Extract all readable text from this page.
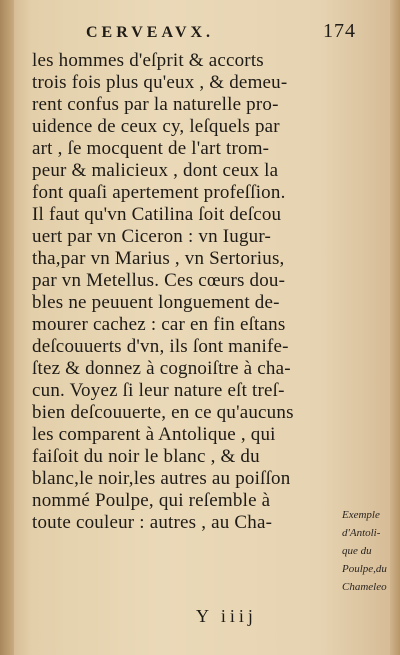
CERVEAVX.	174
les hommes d'eſprit & accorts
trois fois plus qu'eux , & demeu-
rent confus par la naturelle pro-
uidence de ceux cy, leſquels par
art , ſe mocquent de l'art trom-
peur & malicieux , dont ceux la
font quaſi apertement profeſſion.
Il faut qu'vn Catilina ſoit deſcou
uert par vn Ciceron : vn Iugur-
tha,par vn Marius , vn Sertorius,
par vn Metellus. Ces cœurs dou-
bles ne peuuent longuement de-
mourer cachez : car en fin eſtans
deſcouuerts d'vn, ils ſont manife-
ſtez & donnez à cognoiſtre à cha-
cun. Voyez ſi leur nature eſt treſ-
bien deſcouuerte, en ce qu'aucuns
les comparent à Antolique , qui
faiſoit du noir le blanc , & du
blanc,le noir,les autres au poiſſon
nommé Poulpe, qui reſemble à
toute couleur : autres , au Cha-	Exemple
d'Antoli-
que du
Poulpe,du
Chameleo
Y iiij
